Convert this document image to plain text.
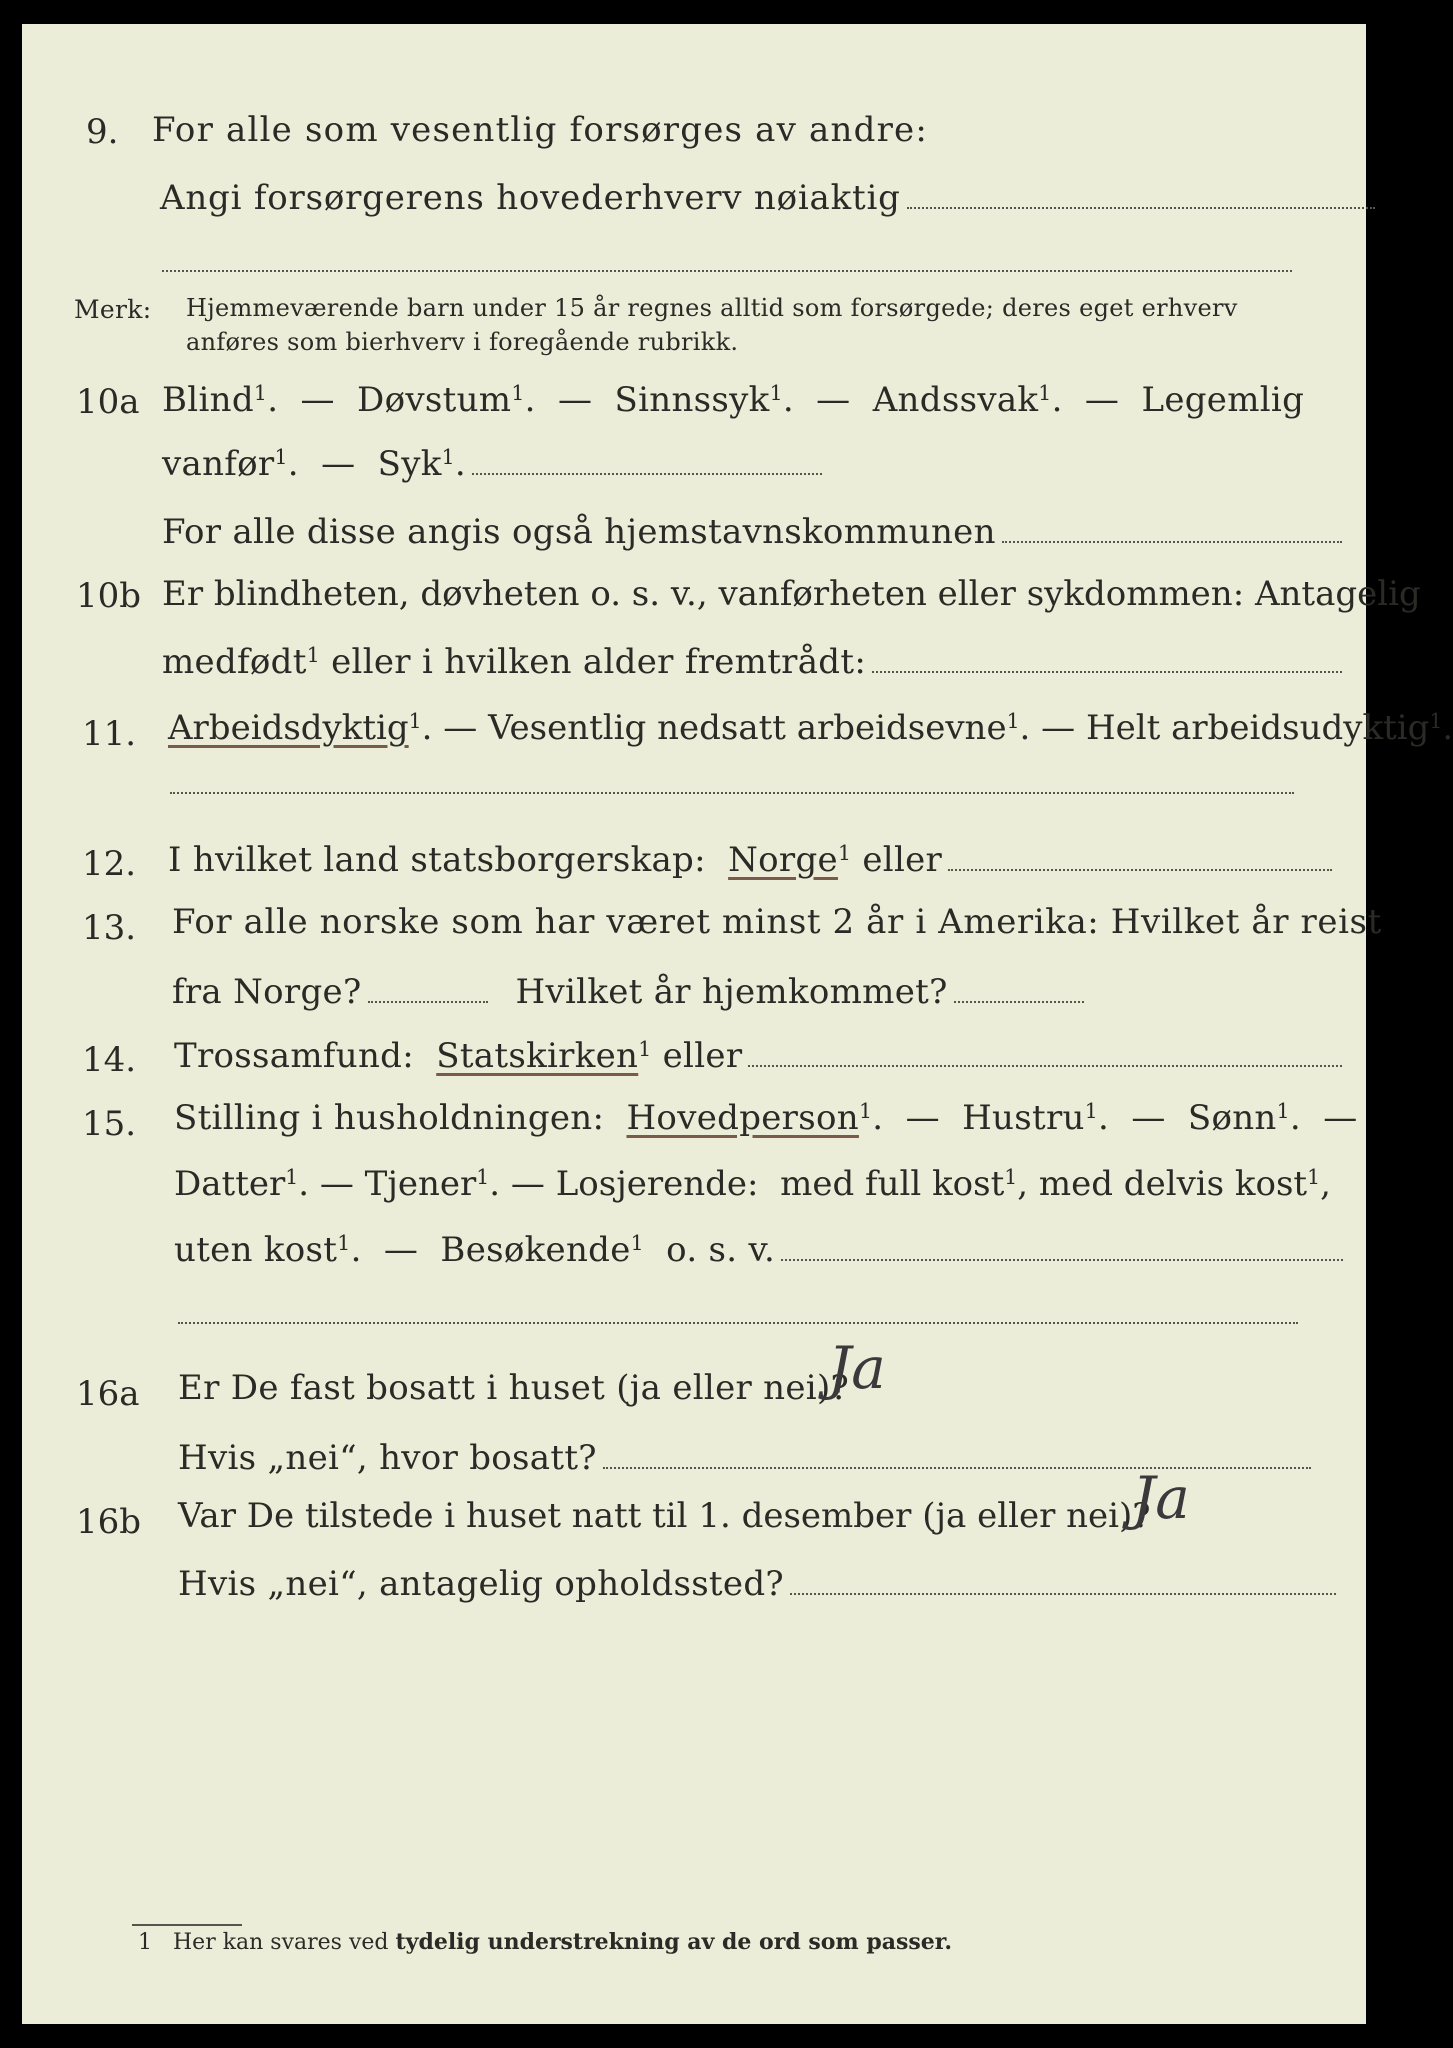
9. For alle som vesentlig forsørges av andre:
Angi forsørgerens hovederhverv nøiaktig
Merk: Hjemmeværende barn under 15 år regnes alltid som forsørgede; deres eget erhverv
anføres som bierhverv i foregående rubrikk.
10a Blind$^1$. — Døvstum$^1$. — Sinnssyk$^1$. — Andssvak$^1$. — Legemlig
vanfør$^1$. — Syk$^1$.
For alle disse angis også hjemstavnskommunen
10b Er blindheten, døvheten o. s. v., vanførheten eller sykdommen: Antagelig
medfødt$^1$ eller i hvilken alder fremtrådt:
11. Arbeidsdyktig$^1$. — Vesentlig nedsatt arbeidsevne$^1$. — Helt arbeidsudyktig$^1$.
12. I hvilket land statsborgerskap: Norge$^1$ eller
13. For alle norske som har været minst 2 år i Amerika: Hvilket år reist
fra Norge?	Hvilket år hjemkommet?
14. Trossamfund: Statskirken$^1$ eller
15. Stilling i husholdningen: Hovedperson$^1$. — Hustru$^1$. — Sønn$^1$. —
Datter$^1$. — Tjener$^1$. — Losjerende: med full kost$^1$, med delvis kost$^1$,
uten kost$^1$. — Besøkende$^1$ o. s. v.
16a Er De fast bosatt i huset (ja eller nei)?
Ja
Hvis „nei“, hvor bosatt?
16b Var De tilstede i huset natt til 1. desember (ja eller nei)?
Ja
Hvis „nei“, antagelig opholdssted?
1 Her kan svares ved tydelig understrekning av de ord som passer.
